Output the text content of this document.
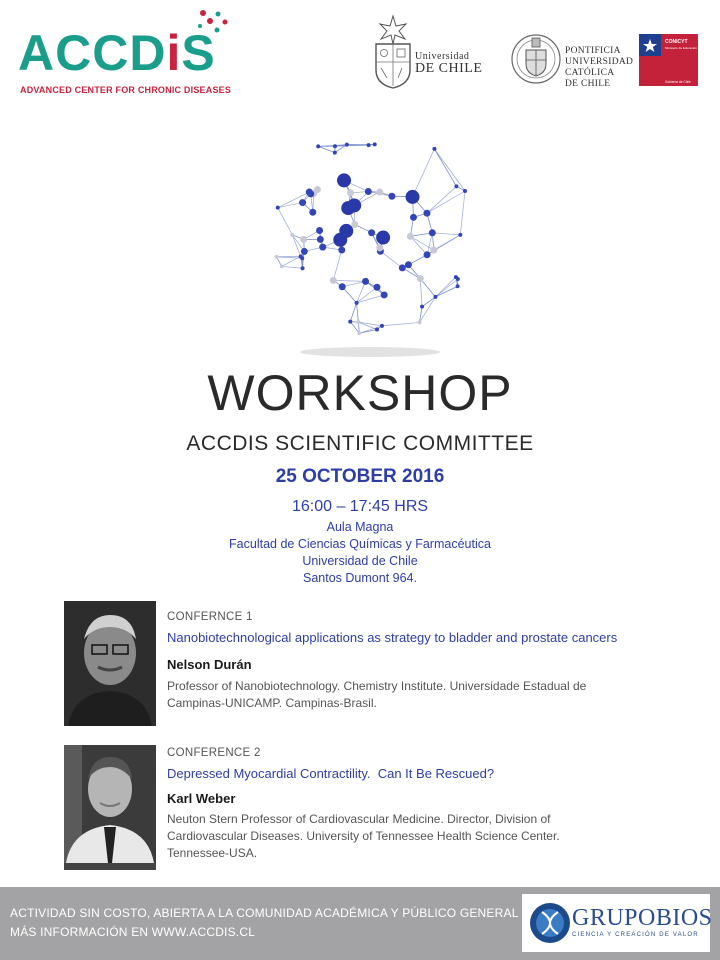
ACCDiS
ADVANCED CENTER FOR CHRONIC DISEASES
Universidad
DE CHILE
PONTIFICIA
UNIVERSIDAD
CATÓLICA
DE CHILE
CONICYT
Ministerio de Educación
Gobierno de Chile
WORKSHOP
ACCDIS SCIENTIFIC COMMITTEE
25 OCTOBER 2016
16:00 – 17:45 HRS
Aula Magna
Facultad de Ciencias Químicas y Farmacéutica
Universidad de Chile
Santos Dumont 964.
CONFERNCE 1
Nanobiotechnological applications as strategy to bladder and prostate cancers
Nelson Durán
Professor of Nanobiotechnology. Chemistry Institute. Universidade Estadual de
Campinas-UNICAMP. Campinas-Brasil.
CONFERENCE 2
Depressed Myocardial Contractility.  Can It Be Rescued?
Karl Weber
Neuton Stern Professor of Cardiovascular Medicine. Director, Division of
Cardiovascular Diseases. University of Tennessee Health Science Center.
Tennessee-USA.
ACTIVIDAD SIN COSTO, ABIERTA A LA COMUNIDAD ACADÉMICA Y PÚBLICO GENERAL
MÁS INFORMACIÓN EN WWW.ACCDIS.CL
GRUPOBIOS
CIENCIA Y CREACIÓN DE VALOR
